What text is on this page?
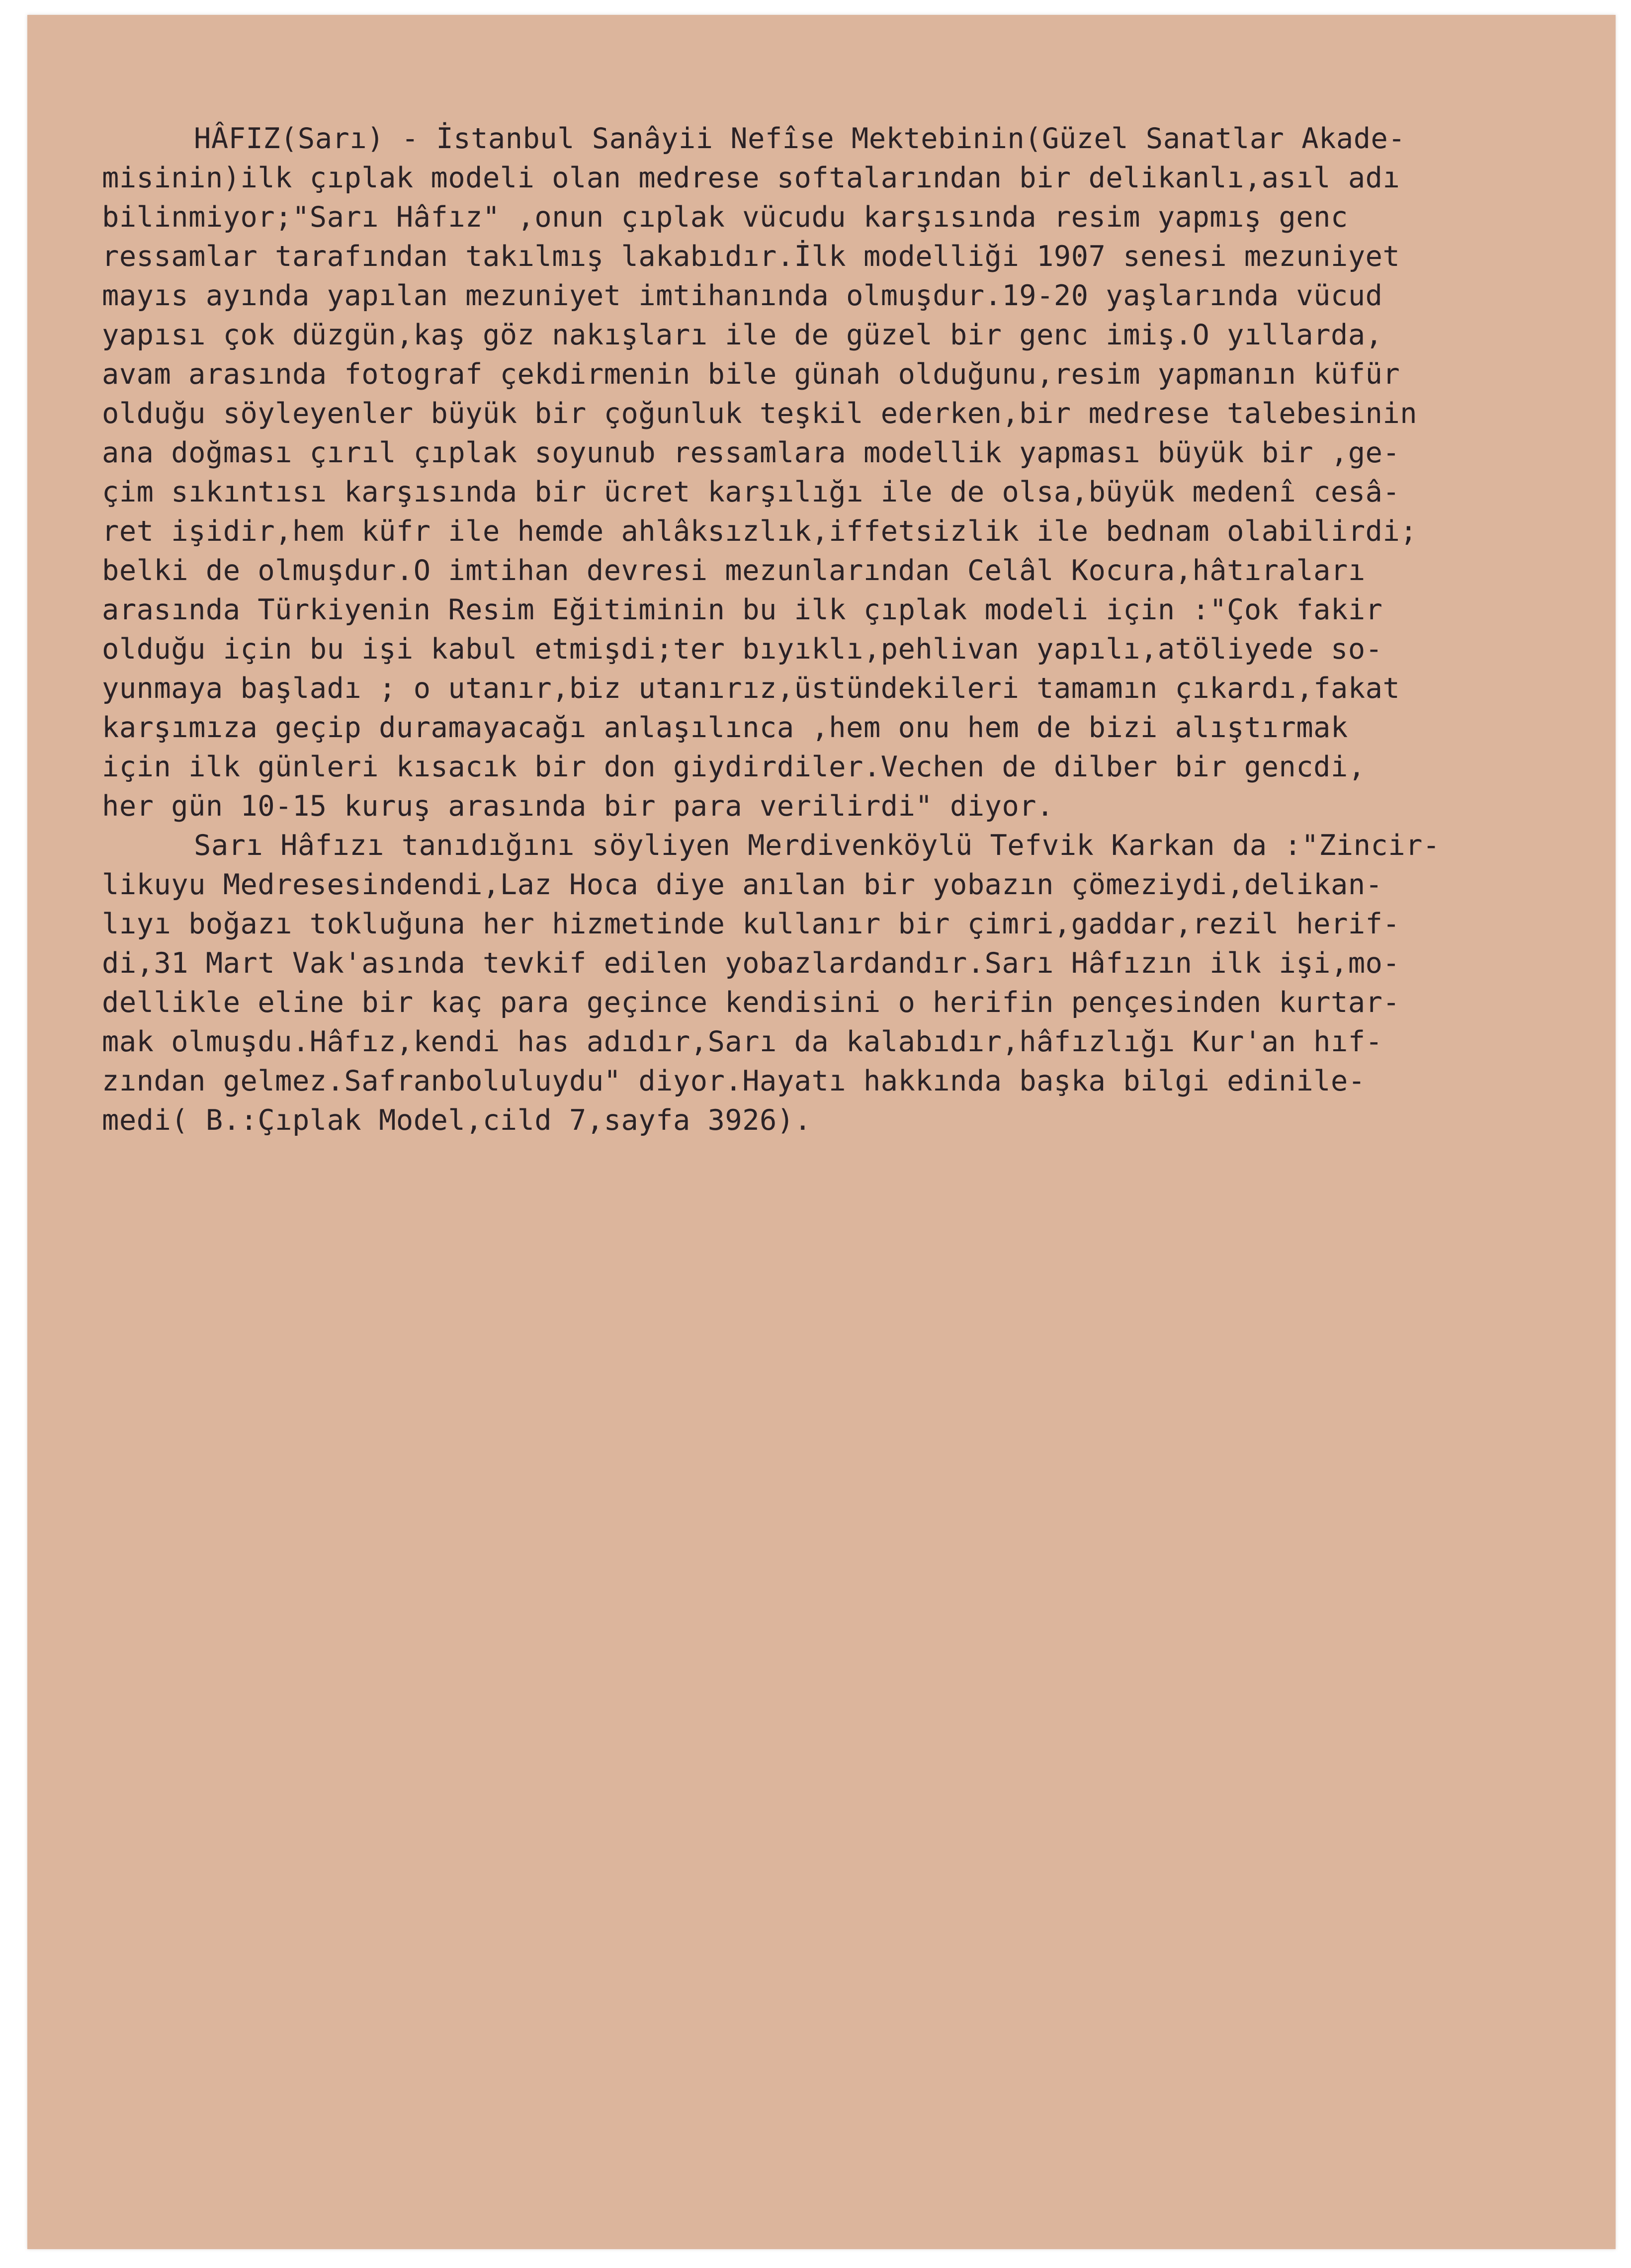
HÂFIZ(Sarı) - İstanbul Sanâyii Nefîse Mektebinin(Güzel Sanatlar Akade-
misinin)ilk çıplak modeli olan medrese softalarından bir delikanlı,asıl adı
bilinmiyor;"Sarı Hâfız" ,onun çıplak vücudu karşısında resim yapmış genc
ressamlar tarafından takılmış lakabıdır.İlk modelliği 1907 senesi mezuniyet
mayıs ayında yapılan mezuniyet imtihanında olmuşdur.19-20 yaşlarında vücud
yapısı çok düzgün,kaş göz nakışları ile de güzel bir genc imiş.O yıllarda,
avam arasında fotograf çekdirmenin bile günah olduğunu,resim yapmanın küfür
olduğu söyleyenler büyük bir çoğunluk teşkil ederken,bir medrese talebesinin
ana doğması çırıl çıplak soyunub ressamlara modellik yapması büyük bir ,ge-
çim sıkıntısı karşısında bir ücret karşılığı ile de olsa,büyük medenî cesâ-
ret işidir,hem küfr ile hemde ahlâksızlık,iffetsizlik ile bednam olabilirdi;
belki de olmuşdur.O imtihan devresi mezunlarından Celâl Kocura,hâtıraları
arasında Türkiyenin Resim Eğitiminin bu ilk çıplak modeli için :"Çok fakir
olduğu için bu işi kabul etmişdi;ter bıyıklı,pehlivan yapılı,atöliyede so-
yunmaya başladı ; o utanır,biz utanırız,üstündekileri tamamın çıkardı,fakat
karşımıza geçip duramayacağı anlaşılınca ,hem onu hem de bizi alıştırmak
için ilk günleri kısacık bir don giydirdiler.Vechen de dilber bir gencdi,
her gün 10-15 kuruş arasında bir para verilirdi" diyor.
Sarı Hâfızı tanıdığını söyliyen Merdivenköylü Tefvik Karkan da :"Zincir-
likuyu Medresesindendi,Laz Hoca diye anılan bir yobazın çömeziydi,delikan-
lıyı boğazı tokluğuna her hizmetinde kullanır bir çimri,gaddar,rezil herif-
di,31 Mart Vak'asında tevkif edilen yobazlardandır.Sarı Hâfızın ilk işi,mo-
dellikle eline bir kaç para geçince kendisini o herifin pençesinden kurtar-
mak olmuşdu.Hâfız,kendi has adıdır,Sarı da kalabıdır,hâfızlığı Kur'an hıf-
zından gelmez.Safranboluluydu" diyor.Hayatı hakkında başka bilgi edinile-
medi( B.:Çıplak Model,cild 7,sayfa 3926).
